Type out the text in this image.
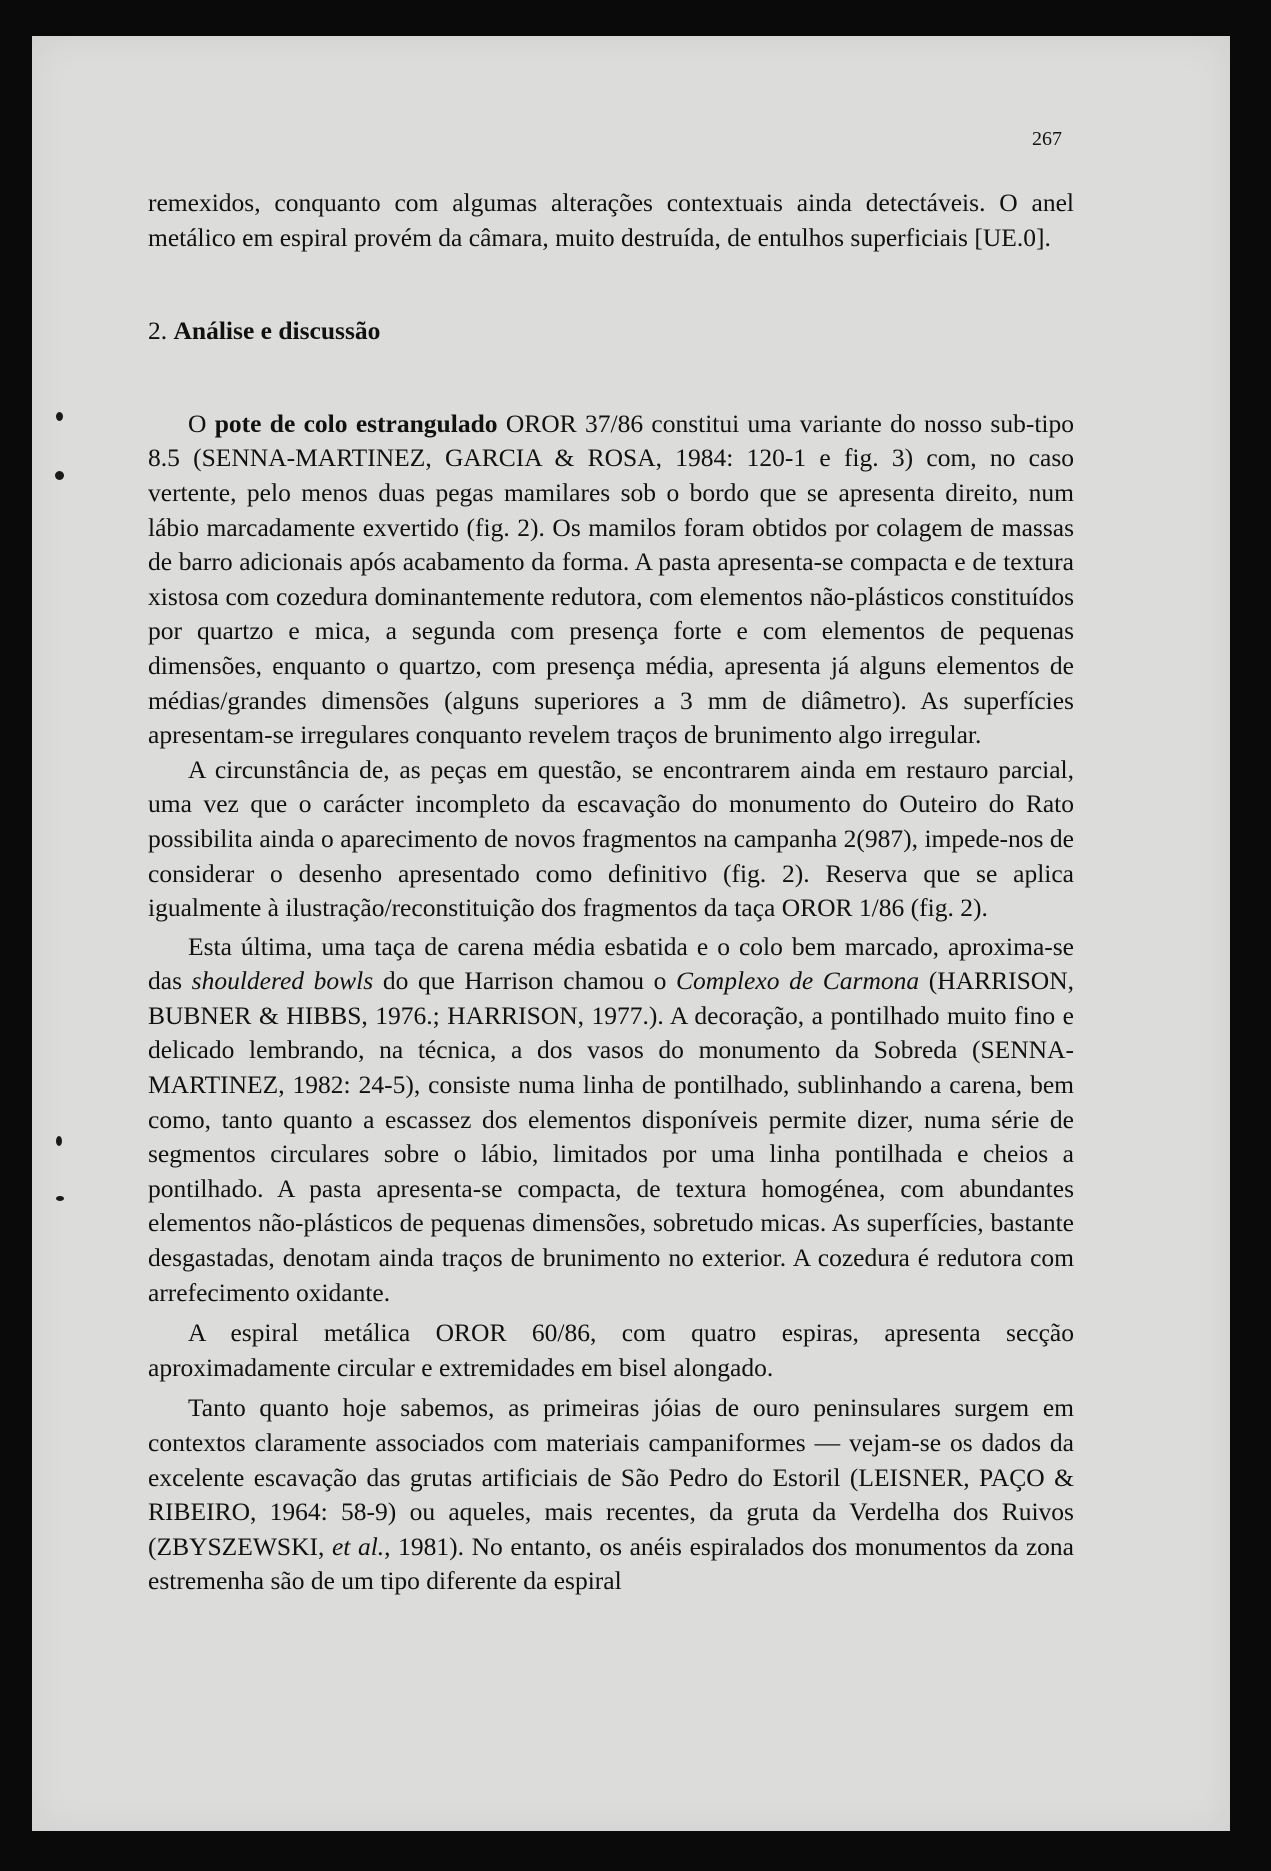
267

remexidos, conquanto com algumas alterações contextuais ainda detectáveis. O anel metálico em espiral provém da câmara, muito destruída, de entulhos superficiais [UE.0].

2. Análise e discussão

O pote de colo estrangulado OROR 37/86 constitui uma variante do nosso sub-tipo 8.5 (SENNA-MARTINEZ, GARCIA & ROSA, 1984: 120-1 e fig. 3) com, no caso vertente, pelo menos duas pegas mamilares sob o bordo que se apresenta direito, num lábio marcadamente exvertido (fig. 2). Os mamilos foram obtidos por colagem de massas de barro adicionais após acabamento da forma. A pasta apresenta-se compacta e de textura xistosa com cozedura dominantemente redutora, com elementos não-plásticos constituídos por quartzo e mica, a segunda com presença forte e com elementos de pequenas dimensões, enquanto o quartzo, com presença média, apresenta já alguns elementos de médias/grandes dimensões (alguns superiores a 3 mm de diâmetro). As superfícies apresentam-se irregulares conquanto revelem traços de brunimento algo irregular.

A circunstância de, as peças em questão, se encontrarem ainda em restauro parcial, uma vez que o carácter incompleto da escavação do monumento do Outeiro do Rato possibilita ainda o aparecimento de novos fragmentos na campanha 2(987), impede-nos de considerar o desenho apresentado como definitivo (fig. 2). Reserva que se aplica igualmente à ilustração/reconstituição dos fragmentos da taça OROR 1/86 (fig. 2).

Esta última, uma taça de carena média esbatida e o colo bem marcado, aproxima-se das shouldered bowls do que Harrison chamou o Complexo de Carmona (HARRISON, BUBNER & HIBBS, 1976.; HARRISON, 1977.). A decoração, a pontilhado muito fino e delicado lembrando, na técnica, a dos vasos do monumento da Sobreda (SENNA-MARTINEZ, 1982: 24-5), consiste numa linha de pontilhado, sublinhando a carena, bem como, tanto quanto a escassez dos elementos disponíveis permite dizer, numa série de segmentos circulares sobre o lábio, limitados por uma linha pontilhada e cheios a pontilhado. A pasta apresenta-se compacta, de textura homogénea, com abundantes elementos não-plásticos de pequenas dimensões, sobretudo micas. As superfícies, bastante desgastadas, denotam ainda traços de brunimento no exterior. A cozedura é redutora com arrefecimento oxidante.

A espiral metálica OROR 60/86, com quatro espiras, apresenta secção aproximadamente circular e extremidades em bisel alongado.

Tanto quanto hoje sabemos, as primeiras jóias de ouro peninsulares surgem em contextos claramente associados com materiais campaniformes — vejam-se os dados da excelente escavação das grutas artificiais de São Pedro do Estoril (LEISNER, PAÇO & RIBEIRO, 1964: 58-9) ou aqueles, mais recentes, da gruta da Verdelha dos Ruivos (ZBYSZEWSKI, et al., 1981). No entanto, os anéis espiralados dos monumentos da zona estremenha são de um tipo diferente da espiral
